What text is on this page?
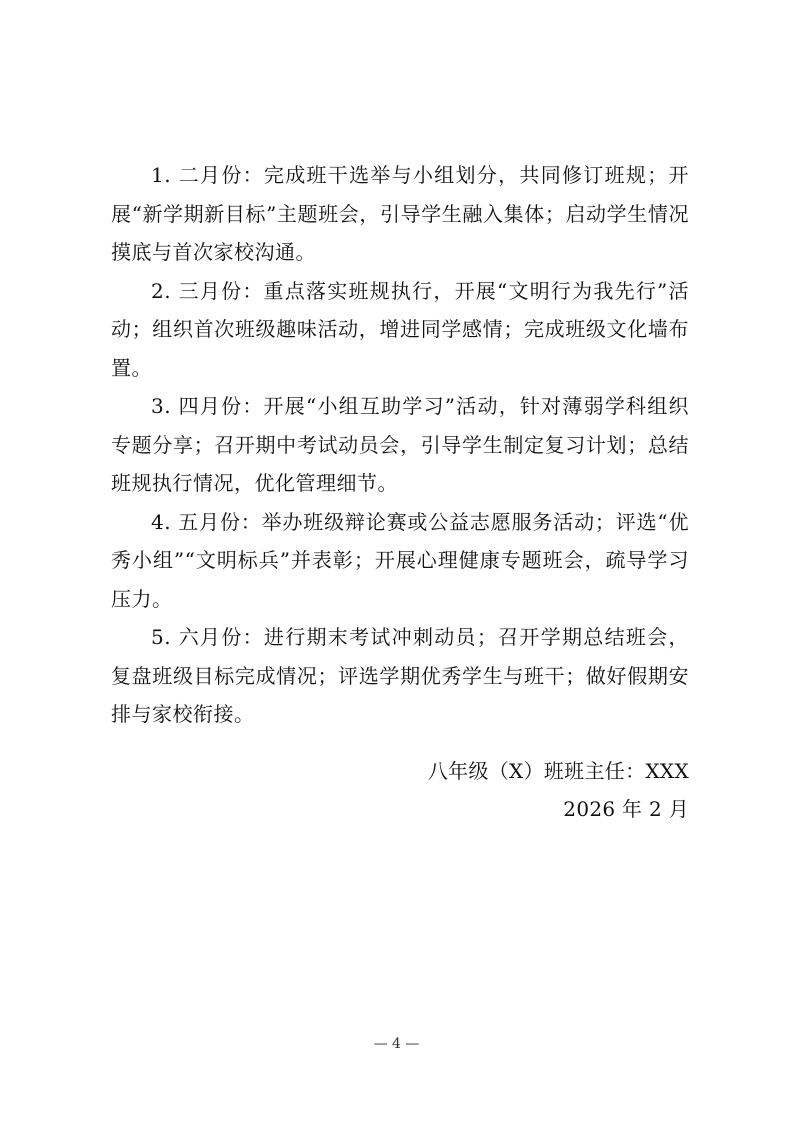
1. 二月份：完成班干选举与小组划分，共同修订班规；开展“新学期新目标”主题班会，引导学生融入集体；启动学生情况摸底与首次家校沟通。

2. 三月份：重点落实班规执行，开展“文明行为我先行”活动；组织首次班级趣味活动，增进同学感情；完成班级文化墙布置。

3. 四月份：开展“小组互助学习”活动，针对薄弱学科组织专题分享；召开期中考试动员会，引导学生制定复习计划；总结班规执行情况，优化管理细节。

4. 五月份：举办班级辩论赛或公益志愿服务活动；评选“优秀小组”“文明标兵”并表彰；开展心理健康专题班会，疏导学习压力。

5. 六月份：进行期末考试冲刺动员；召开学期总结班会，复盘班级目标完成情况；评选学期优秀学生与班干；做好假期安排与家校衔接。

八年级（X）班班主任：XXX
2026 年 2 月
— 4 —
